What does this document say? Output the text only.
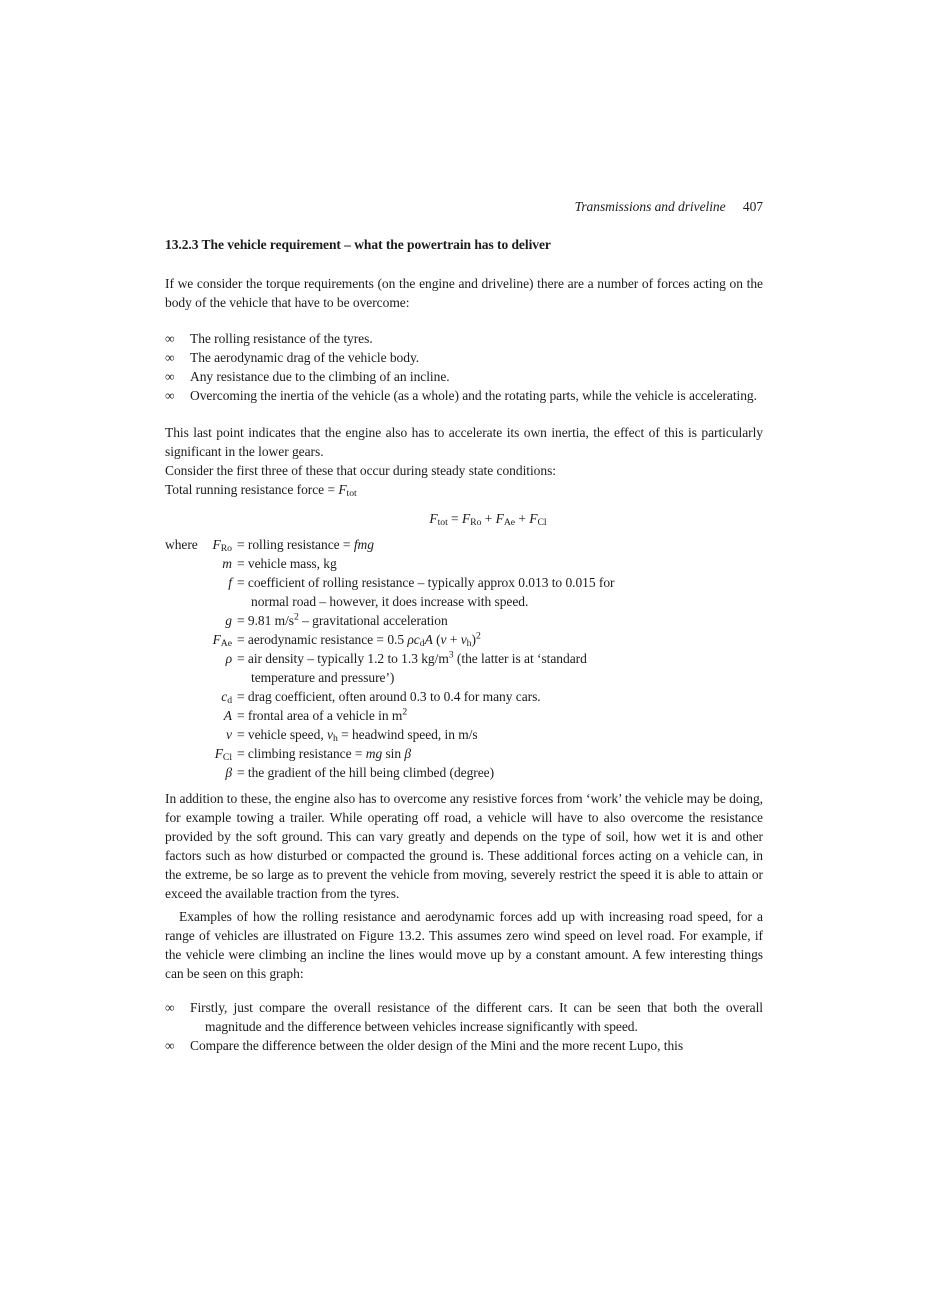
Transmissions and driveline 407
13.2.3 The vehicle requirement – what the powertrain has to deliver

If we consider the torque requirements (on the engine and driveline) there are a number of forces acting on the body of the vehicle that have to be overcome:

∞	The rolling resistance of the tyres.
∞	The aerodynamic drag of the vehicle body.
∞	Any resistance due to the climbing of an incline.
∞	Overcoming the inertia of the vehicle (as a whole) and the rotating parts, while the vehicle is accelerating.

This last point indicates that the engine also has to accelerate its own inertia, the effect of this is particularly significant in the lower gears.

Consider the first three of these that occur during steady state conditions:

Total running resistance force = $F_{tot}$

$F_{tot} = F_{Ro} + F_{Ae} + F_{Cl}$
where	$F_{Ro}$ = rolling resistance = fmg
m = vehicle mass, kg
f = coefficient of rolling resistance – typically approx 0.013 to 0.015 for
normal road – however, it does increase with speed.
g = 9.81 $m/s^2$ – gravitational acceleration
$F_{Ae}$ = aerodynamic resistance = 0.5 $\rho c_dA$ $(v + v_h)^2$
ρ = air density – typically 1.2 to 1.3 $kg/m^3$ (the latter is at ‘standard
temperature and pressure’)
$c_d$ = drag coefficient, often around 0.3 to 0.4 for many cars.
A = frontal area of a vehicle in $m^2$
v = vehicle speed, $v_h$ = headwind speed, in m/s
$F_{Cl}$ = climbing resistance = mg sin β
β = the gradient of the hill being climbed (degree)

In addition to these, the engine also has to overcome any resistive forces from ‘work’ the vehicle may be doing, for example towing a trailer. While operating off road, a vehicle will have to also overcome the resistance provided by the soft ground. This can vary greatly and depends on the type of soil, how wet it is and other factors such as how disturbed or compacted the ground is. These additional forces acting on a vehicle can, in the extreme, be so large as to prevent the vehicle from moving, severely restrict the speed it is able to attain or exceed the available traction from the tyres.

Examples of how the rolling resistance and aerodynamic forces add up with increasing road speed, for a range of vehicles are illustrated on Figure 13.2. This assumes zero wind speed on level road. For example, if the vehicle were climbing an incline the lines would move up by a constant amount. A few interesting things can be seen on this graph:

∞	Firstly, just compare the overall resistance of the different cars. It can be seen that both the overall magnitude and the difference between vehicles increase significantly with speed.
∞	Compare the difference between the older design of the Mini and the more recent Lupo, this
